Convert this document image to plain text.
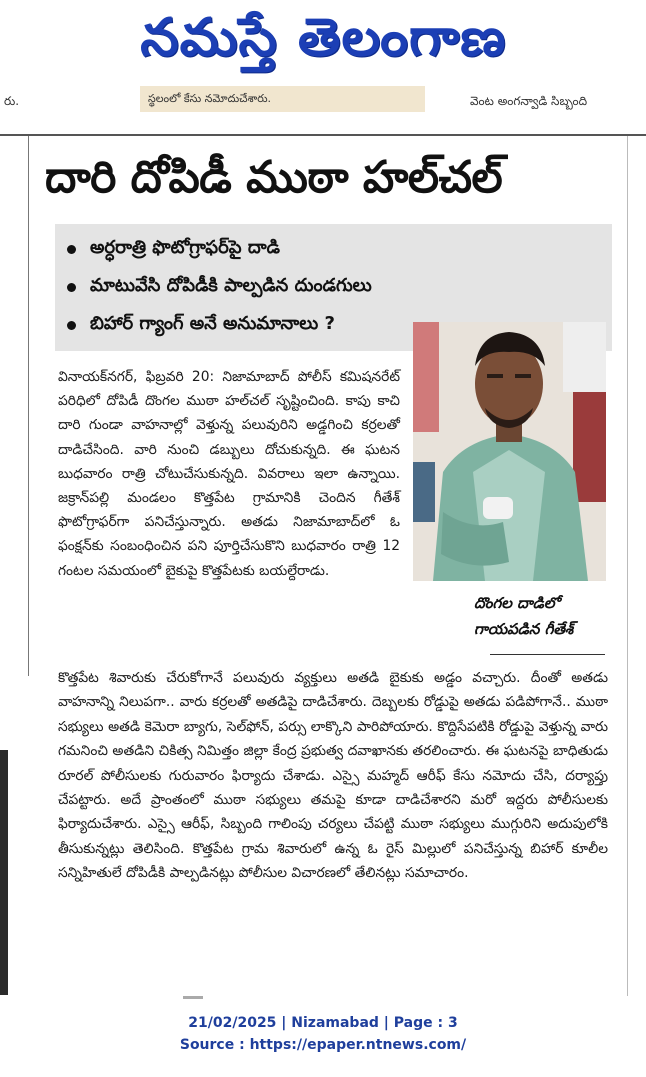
నమస్తే తెలంగాణ
రు.	స్థలంలో కేసు నమోదుచేశారు.	వెంట అంగన్వాడి సిబ్బంది
దారి దోపిడీ ముఠా హల్‌చల్
అర్ధరాత్రి ఫొటోగ్రాఫర్‌పై దాడి
మాటువేసి దోపిడీకి పాల్పడిన దుండగులు
బిహార్ గ్యాంగ్ అనే అనుమానాలు ?
దొంగల దాడిలో గాయపడిన గీతేశ్

వినాయక్‌నగర్, ఫిబ్రవరి 20: నిజామాబాద్ పోలీస్ కమిషనరేట్ పరిధిలో దోపిడీ దొంగల ముఠా హల్‌చల్ సృష్టించింది. కాపు కాచి దారి గుండా వాహనాల్లో వెళ్తున్న పలువురిని అడ్డగించి కర్రలతో దాడిచేసింది. వారి నుంచి డబ్బులు దోచుకున్నది. ఈ ఘటన బుధవారం రాత్రి చోటుచేసుకున్నది. వివరాలు ఇలా ఉన్నాయి. జక్రాన్‌పల్లి మండలం కొత్తపేట గ్రామానికి చెందిన గీతేశ్ ఫొటోగ్రాఫర్‌గా పనిచేస్తున్నారు. అతడు నిజామాబాద్‌లో ఓ ఫంక్షన్‌కు సంబంధించిన పని పూర్తిచేసుకొని బుధవారం రాత్రి 12 గంటల సమయంలో బైకుపై కొత్తపేటకు బయల్దేరాడు.

కొత్తపేట శివారుకు చేరుకోగానే పలువురు వ్యక్తులు అతడి బైకుకు అడ్డం వచ్చారు. దీంతో అతడు వాహనాన్ని నిలుపగా.. వారు కర్రలతో అతడిపై దాడిచేశారు. దెబ్బలకు రోడ్డుపై అతడు పడిపోగానే.. ముఠా సభ్యులు అతడి కెమెరా బ్యాగు, సెల్‌ఫోన్, పర్సు లాక్కొని పారిపోయారు. కొద్దిసేపటికి రోడ్డుపై వెళ్తున్న వారు గమనించి అతడిని చికిత్స నిమిత్తం జిల్లా కేంద్ర ప్రభుత్వ దవాఖానకు తరలించారు. ఈ ఘటనపై బాధితుడు రూరల్ పోలీసులకు గురువారం ఫిర్యాదు చేశాడు. ఎస్సై మహ్మద్ ఆరీఫ్ కేసు నమోదు చేసి, దర్యాప్తు చేపట్టారు. అదే ప్రాంతంలో ముఠా సభ్యులు తమపై కూడా దాడిచేశారని మరో ఇద్దరు పోలీసులకు ఫిర్యాదుచేశారు. ఎస్సై ఆరీఫ్, సిబ్బంది గాలింపు చర్యలు చేపట్టి ముఠా సభ్యులు ముగ్గురిని అదుపులోకి తీసుకున్నట్లు తెలిసింది. కొత్తపేట గ్రామ శివారులో ఉన్న ఓ రైస్ మిల్లులో పనిచేస్తున్న బిహార్ కూలీల సన్నిహితులే దోపిడీకి పాల్పడినట్లు పోలీసుల విచారణలో తేలినట్లు సమాచారం.

21/02/2025 | Nizamabad | Page : 3
Source : https://epaper.ntnews.com/
